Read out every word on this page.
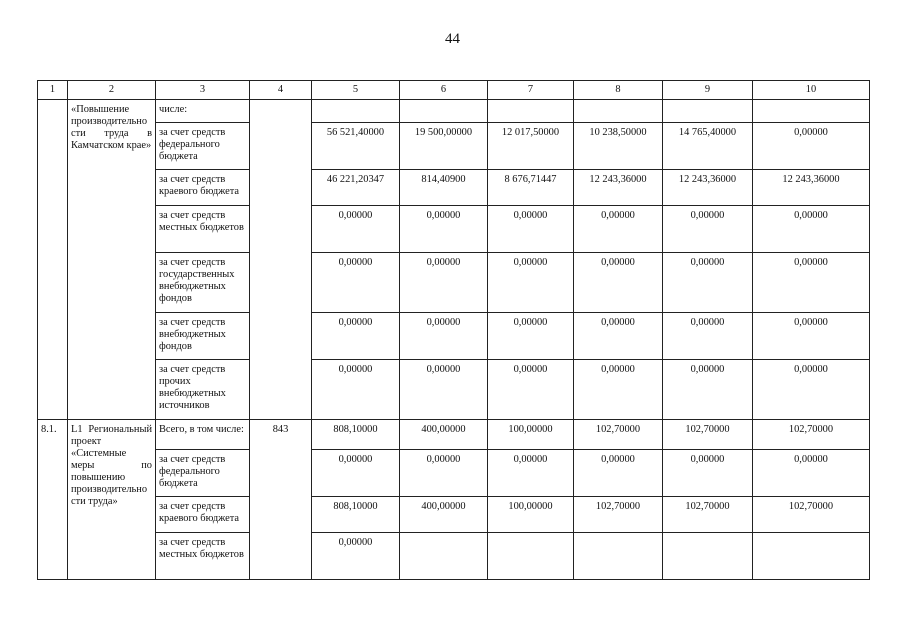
44
1	2	3	4	5	6	7	8	9	10
	«Повышение производительно сти труда в Камчатском крае»	числе:							
		за счет средств федерального бюджета		56 521,40000	19 500,00000	12 017,50000	10 238,50000	14 765,40000	0,00000
		за счет средств краевого бюджета		46 221,20347	814,40900	8 676,71447	12 243,36000	12 243,36000	12 243,36000
		за счет средств местных бюджетов		0,00000	0,00000	0,00000	0,00000	0,00000	0,00000
		за счет средств государственных внебюджетных фондов		0,00000	0,00000	0,00000	0,00000	0,00000	0,00000
		за счет средств внебюджетных фондов		0,00000	0,00000	0,00000	0,00000	0,00000	0,00000
		за счет средств прочих внебюджетных источников		0,00000	0,00000	0,00000	0,00000	0,00000	0,00000
8.1.	L1 Региональный проект «Системные меры по повышению производительно сти труда»	Всего, в том числе:	843	808,10000	400,00000	100,00000	102,70000	102,70000	102,70000
		за счет средств федерального бюджета		0,00000	0,00000	0,00000	0,00000	0,00000	0,00000
		за счет средств краевого бюджета		808,10000	400,00000	100,00000	102,70000	102,70000	102,70000
		за счет средств местных бюджетов		0,00000					
